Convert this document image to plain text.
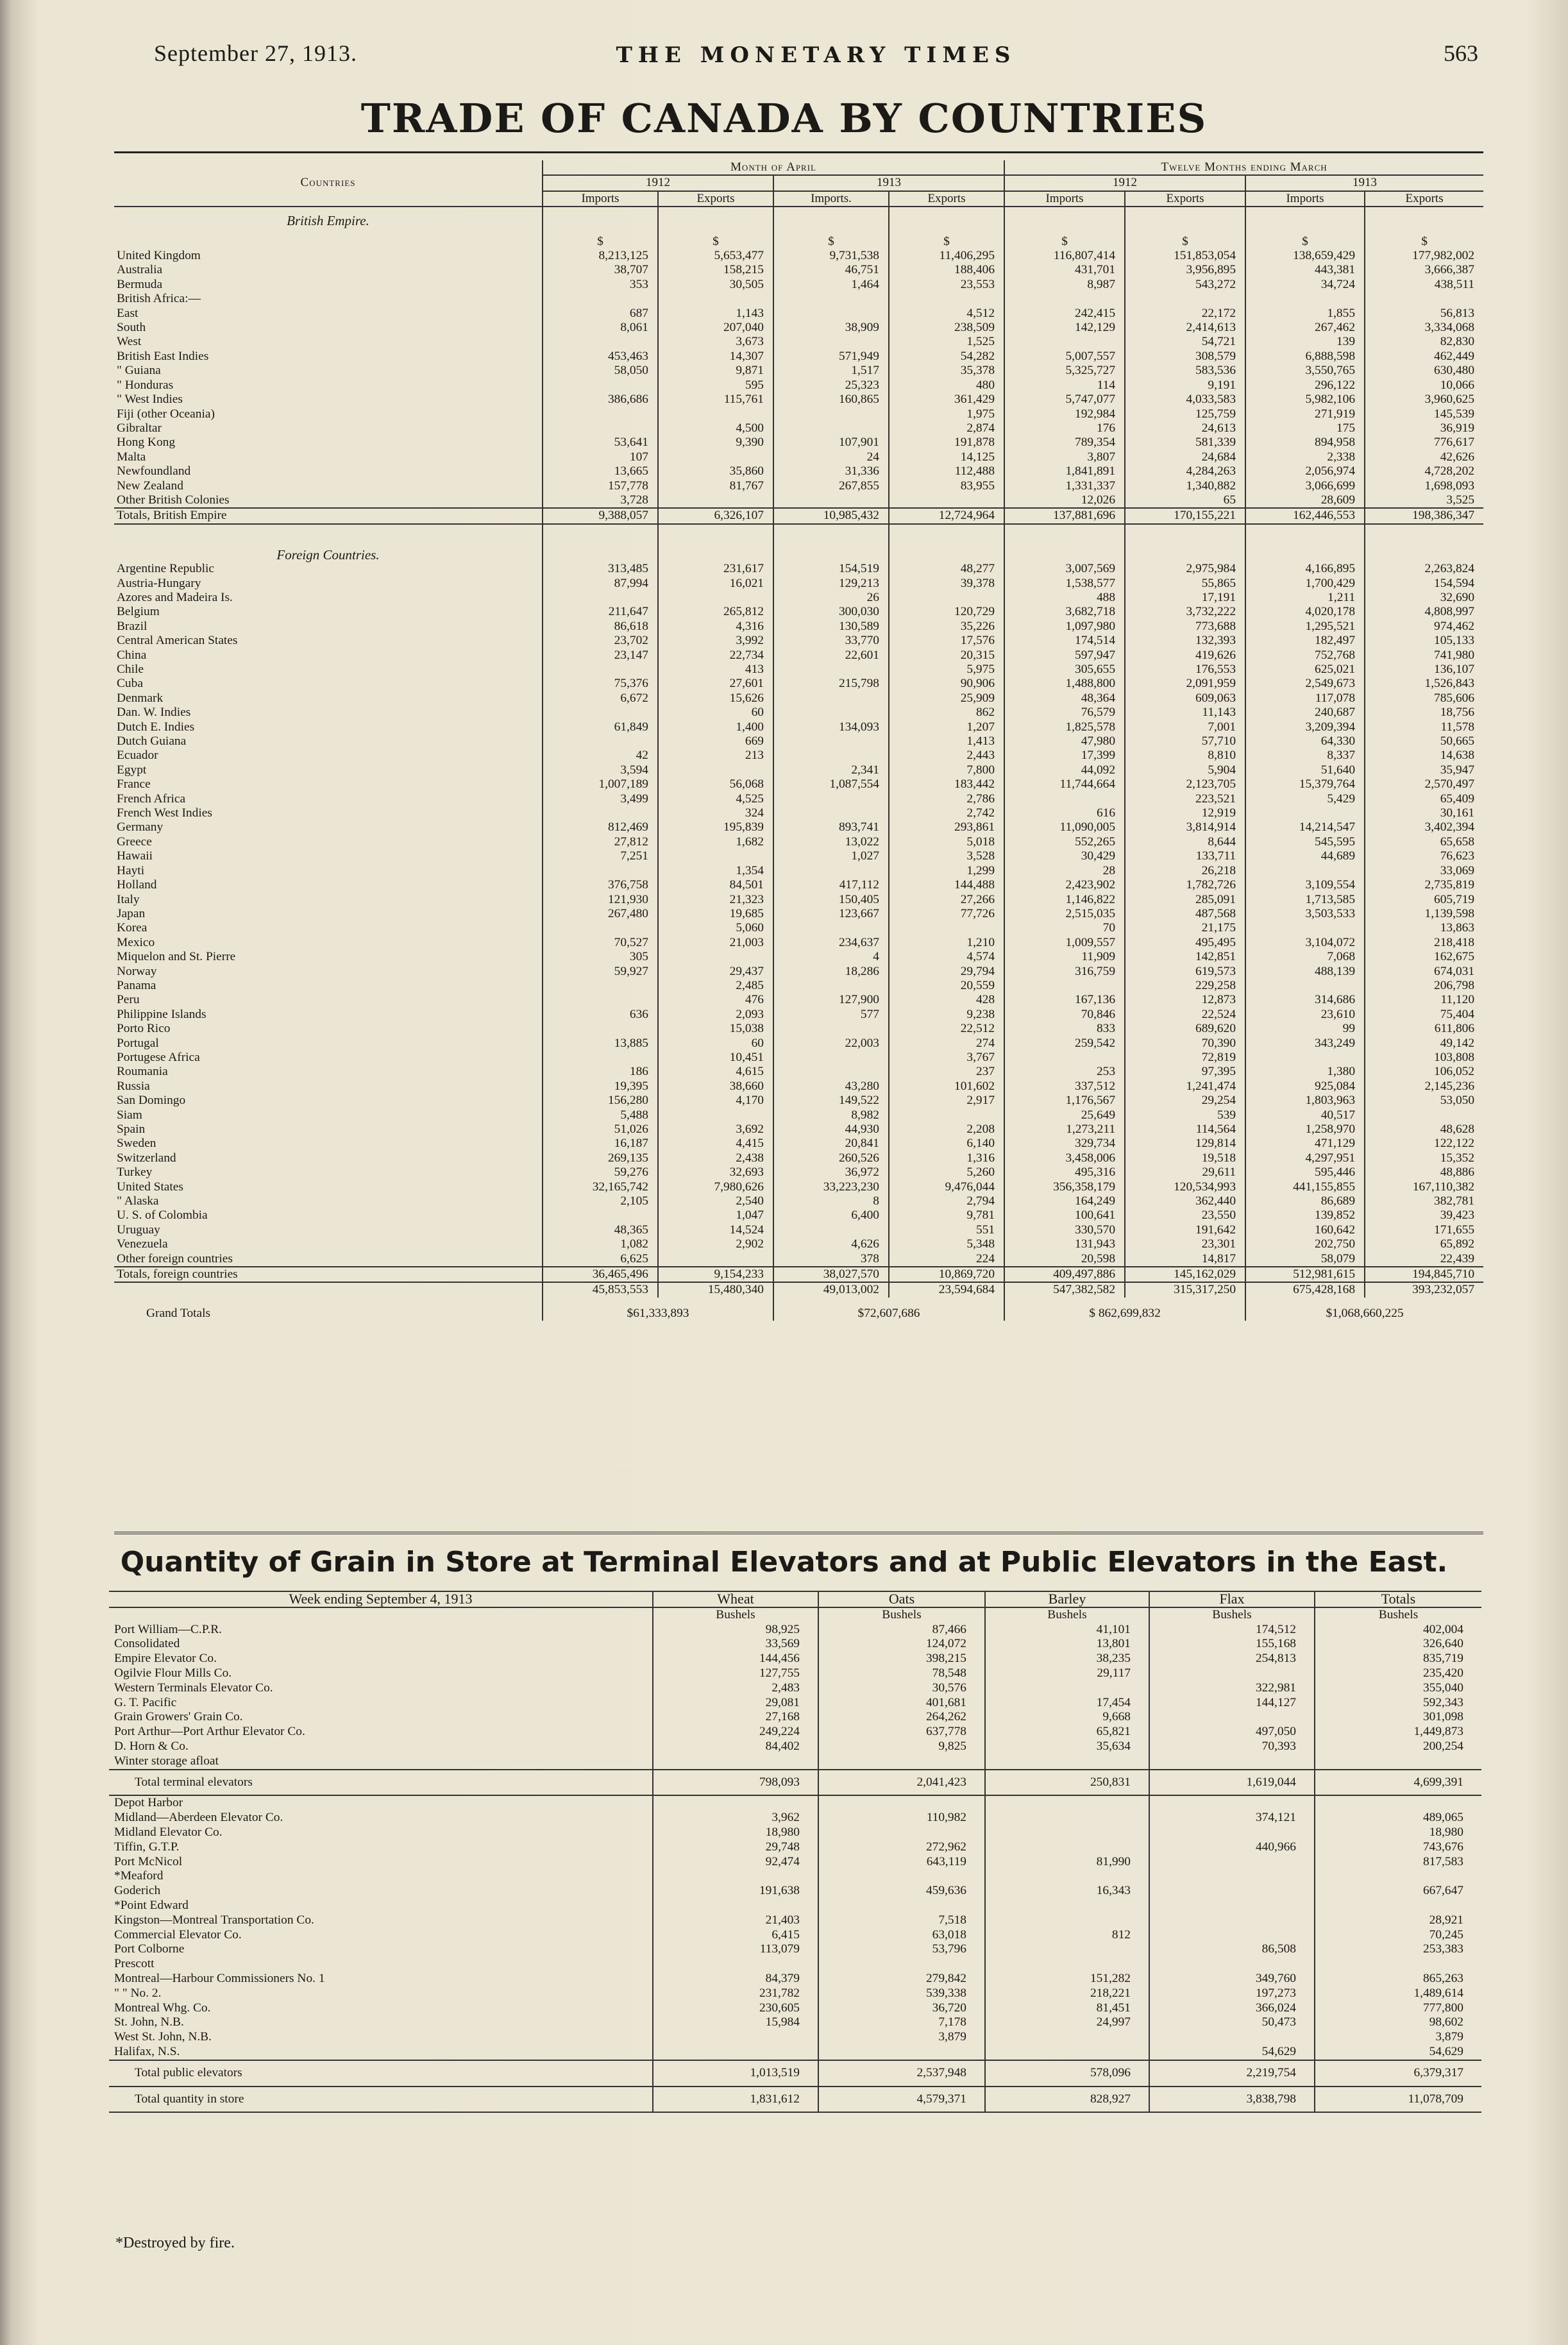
September 27, 1913.	THE MONETARY TIMES	563
TRADE OF CANADA BY COUNTRIES
Countries	Month of April				Twelve Months ending March			
	1912		1913		1912		1913	
	Imports	Exports	Imports.	Exports	Imports	Exports	Imports	Exports
British Empire.								
	$	$	$	$	$	$	$	$
United Kingdom	8,213,125	5,653,477	9,731,538	11,406,295	116,807,414	151,853,054	138,659,429	177,982,002
Australia	38,707	158,215	46,751	188,406	431,701	3,956,895	443,381	3,666,387
Bermuda	353	30,505	1,464	23,553	8,987	543,272	34,724	438,511
British Africa:—								
East	687	1,143		4,512	242,415	22,172	1,855	56,813
South	8,061	207,040	38,909	238,509	142,129	2,414,613	267,462	3,334,068
West		3,673		1,525		54,721	139	82,830
British East Indies	453,463	14,307	571,949	54,282	5,007,557	308,579	6,888,598	462,449
" Guiana	58,050	9,871	1,517	35,378	5,325,727	583,536	3,550,765	630,480
" Honduras		595	25,323	480	114	9,191	296,122	10,066
" West Indies	386,686	115,761	160,865	361,429	5,747,077	4,033,583	5,982,106	3,960,625
Fiji (other Oceania)				1,975	192,984	125,759	271,919	145,539
Gibraltar		4,500		2,874	176	24,613	175	36,919
Hong Kong	53,641	9,390	107,901	191,878	789,354	581,339	894,958	776,617
Malta	107		24	14,125	3,807	24,684	2,338	42,626
Newfoundland	13,665	35,860	31,336	112,488	1,841,891	4,284,263	2,056,974	4,728,202
New Zealand	157,778	81,767	267,855	83,955	1,331,337	1,340,882	3,066,699	1,698,093
Other British Colonies	3,728				12,026	65	28,609	3,525
Totals, British Empire	9,388,057	6,326,107	10,985,432	12,724,964	137,881,696	170,155,221	162,446,553	198,386,347

Foreign Countries.								
Argentine Republic	313,485	231,617	154,519	48,277	3,007,569	2,975,984	4,166,895	2,263,824
Austria-Hungary	87,994	16,021	129,213	39,378	1,538,577	55,865	1,700,429	154,594
Azores and Madeira Is.			26		488	17,191	1,211	32,690
Belgium	211,647	265,812	300,030	120,729	3,682,718	3,732,222	4,020,178	4,808,997
Brazil	86,618	4,316	130,589	35,226	1,097,980	773,688	1,295,521	974,462
Central American States	23,702	3,992	33,770	17,576	174,514	132,393	182,497	105,133
China	23,147	22,734	22,601	20,315	597,947	419,626	752,768	741,980
Chile		413		5,975	305,655	176,553	625,021	136,107
Cuba	75,376	27,601	215,798	90,906	1,488,800	2,091,959	2,549,673	1,526,843
Denmark	6,672	15,626		25,909	48,364	609,063	117,078	785,606
Dan. W. Indies		60		862	76,579	11,143	240,687	18,756
Dutch E. Indies	61,849	1,400	134,093	1,207	1,825,578	7,001	3,209,394	11,578
Dutch Guiana		669		1,413	47,980	57,710	64,330	50,665
Ecuador	42	213		2,443	17,399	8,810	8,337	14,638
Egypt	3,594		2,341	7,800	44,092	5,904	51,640	35,947
France	1,007,189	56,068	1,087,554	183,442	11,744,664	2,123,705	15,379,764	2,570,497
French Africa	3,499	4,525		2,786		223,521	5,429	65,409
French West Indies		324		2,742	616	12,919		30,161
Germany	812,469	195,839	893,741	293,861	11,090,005	3,814,914	14,214,547	3,402,394
Greece	27,812	1,682	13,022	5,018	552,265	8,644	545,595	65,658
Hawaii	7,251		1,027	3,528	30,429	133,711	44,689	76,623
Hayti		1,354		1,299	28	26,218		33,069
Holland	376,758	84,501	417,112	144,488	2,423,902	1,782,726	3,109,554	2,735,819
Italy	121,930	21,323	150,405	27,266	1,146,822	285,091	1,713,585	605,719
Japan	267,480	19,685	123,667	77,726	2,515,035	487,568	3,503,533	1,139,598
Korea		5,060			70	21,175		13,863
Mexico	70,527	21,003	234,637	1,210	1,009,557	495,495	3,104,072	218,418
Miquelon and St. Pierre	305		4	4,574	11,909	142,851	7,068	162,675
Norway	59,927	29,437	18,286	29,794	316,759	619,573	488,139	674,031
Panama		2,485		20,559		229,258		206,798
Peru		476	127,900	428	167,136	12,873	314,686	11,120
Philippine Islands	636	2,093	577	9,238	70,846	22,524	23,610	75,404
Porto Rico		15,038		22,512	833	689,620	99	611,806
Portugal	13,885	60	22,003	274	259,542	70,390	343,249	49,142
Portugese Africa		10,451		3,767		72,819		103,808
Roumania	186	4,615		237	253	97,395	1,380	106,052
Russia	19,395	38,660	43,280	101,602	337,512	1,241,474	925,084	2,145,236
San Domingo	156,280	4,170	149,522	2,917	1,176,567	29,254	1,803,963	53,050
Siam	5,488		8,982		25,649	539	40,517	
Spain	51,026	3,692	44,930	2,208	1,273,211	114,564	1,258,970	48,628
Sweden	16,187	4,415	20,841	6,140	329,734	129,814	471,129	122,122
Switzerland	269,135	2,438	260,526	1,316	3,458,006	19,518	4,297,951	15,352
Turkey	59,276	32,693	36,972	5,260	495,316	29,611	595,446	48,886
United States	32,165,742	7,980,626	33,223,230	9,476,044	356,358,179	120,534,993	441,155,855	167,110,382
" Alaska	2,105	2,540	8	2,794	164,249	362,440	86,689	382,781
U. S. of Colombia		1,047	6,400	9,781	100,641	23,550	139,852	39,423
Uruguay	48,365	14,524		551	330,570	191,642	160,642	171,655
Venezuela	1,082	2,902	4,626	5,348	131,943	23,301	202,750	65,892
Other foreign countries	6,625		378	224	20,598	14,817	58,079	22,439
Totals, foreign countries	36,465,496	9,154,233	38,027,570	10,869,720	409,497,886	145,162,029	512,981,615	194,845,710
	45,853,553	15,480,340	49,013,002	23,594,684	547,382,582	315,317,250	675,428,168	393,232,057
Grand Totals	$61,333,893		$72,607,686		$ 862,699,832		$1,068,660,225	
Quantity of Grain in Store at Terminal Elevators and at Public Elevators in the East.
Week ending September 4, 1913	Wheat	Oats	Barley	Flax	Totals
	Bushels	Bushels	Bushels	Bushels	Bushels
Port William—C.P.R.	98,925	87,466	41,101	174,512	402,004
Consolidated	33,569	124,072	13,801	155,168	326,640
Empire Elevator Co.	144,456	398,215	38,235	254,813	835,719
Ogilvie Flour Mills Co.	127,755	78,548	29,117		235,420
Western Terminals Elevator Co.	2,483	30,576		322,981	355,040
G. T. Pacific	29,081	401,681	17,454	144,127	592,343
Grain Growers' Grain Co.	27,168	264,262	9,668		301,098
Port Arthur—Port Arthur Elevator Co.	249,224	637,778	65,821	497,050	1,449,873
D. Horn & Co.	84,402	9,825	35,634	70,393	200,254
Winter storage afloat					
Total terminal elevators	798,093	2,041,423	250,831	1,619,044	4,699,391
Depot Harbor					
Midland—Aberdeen Elevator Co.	3,962	110,982		374,121	489,065
Midland Elevator Co.	18,980				18,980
Tiffin, G.T.P.	29,748	272,962		440,966	743,676
Port McNicol	92,474	643,119	81,990		817,583
*Meaford					
Goderich	191,638	459,636	16,343		667,647
*Point Edward					
Kingston—Montreal Transportation Co.	21,403	7,518			28,921
Commercial Elevator Co.	6,415	63,018	812		70,245
Port Colborne	113,079	53,796		86,508	253,383
Prescott					
Montreal—Harbour Commissioners No. 1	84,379	279,842	151,282	349,760	865,263
" " No. 2.	231,782	539,338	218,221	197,273	1,489,614
Montreal Whg. Co.	230,605	36,720	81,451	366,024	777,800
St. John, N.B.	15,984	7,178	24,997	50,473	98,602
West St. John, N.B.		3,879			3,879
Halifax, N.S.				54,629	54,629
Total public elevators	1,013,519	2,537,948	578,096	2,219,754	6,379,317
Total quantity in store	1,831,612	4,579,371	828,927	3,838,798	11,078,709
*Destroyed by fire.
